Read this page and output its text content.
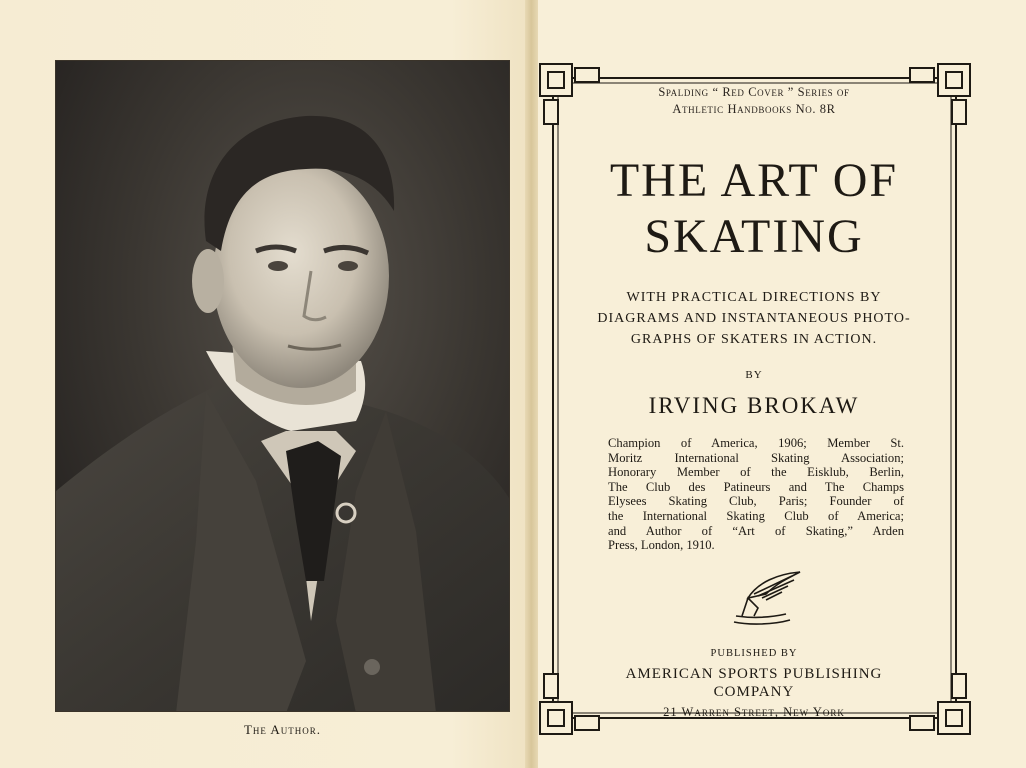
The Author.
Spalding “ Red Cover ” Series of
Athletic Handbooks No. 8R
THE ART OF
SKATING
WITH PRACTICAL DIRECTIONS BY
DIAGRAMS AND INSTANTANEOUS PHOTO-
GRAPHS OF SKATERS IN ACTION.
BY
IRVING BROKAW
Champion of America, 1906; Member St.
Moritz International Skating Association;
Honorary Member of the Eisklub, Berlin,
The Club des Patineurs and The Champs
Elysees Skating Club, Paris; Founder of
the International Skating Club of America;
and Author of “Art of Skating,” Arden
Press, London, 1910.
PUBLISHED BY
AMERICAN SPORTS PUBLISHING
COMPANY
21 Warren Street, New York
